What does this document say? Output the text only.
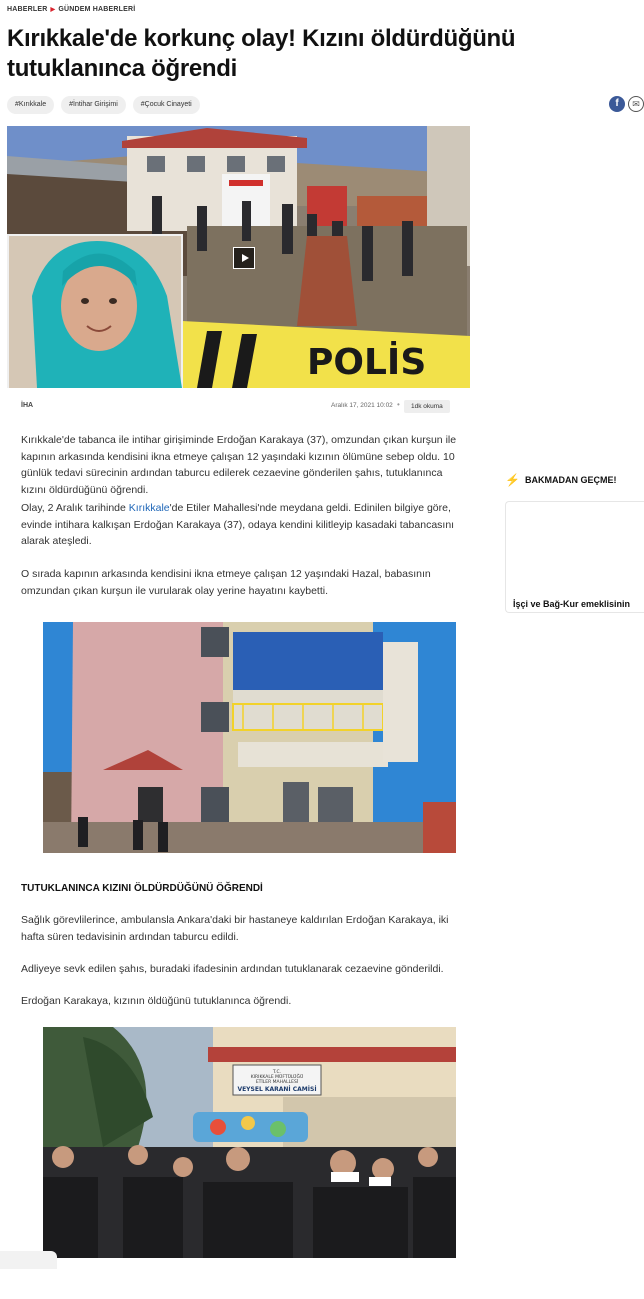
HABERLER ▶ GÜNDEM HABERLERİ
Kırıkkale'de korkunç olay! Kızını öldürdüğünü tutuklanınca öğrendi
#Kırıkkale	#İntihar Girişimi	#Çocuk Cinayeti	f	✉
POLİS
İHA	Aralık 17, 2021 10:02 •	1dk okuma

Kırıkkale'de tabanca ile intihar girişiminde Erdoğan Karakaya (37), omzundan çıkan kurşun ile kapının arkasında kendisini ikna etmeye çalışan 12 yaşındaki kızının ölümüne sebep oldu. 10 günlük tedavi sürecinin ardından taburcu edilerek cezaevine gönderilen şahıs, tutuklanınca kızını öldürdüğünü öğrendi.

Olay, 2 Aralık tarihinde Kırıkkale'de Etiler Mahallesi'nde meydana geldi. Edinilen bilgiye göre, evinde intihara kalkışan Erdoğan Karakaya (37), odaya kendini kilitleyip kasadaki tabancasını alarak ateşledi.

O sırada kapının arkasında kendisini ikna etmeye çalışan 12 yaşındaki Hazal, babasının omzundan çıkan kurşun ile vurularak olay yerine hayatını kaybetti.

TUTUKLANINCA KIZINI ÖLDÜRDÜĞÜNÜ ÖĞRENDİ

Sağlık görevlilerince, ambulansla Ankara'daki bir hastaneye kaldırılan Erdoğan Karakaya, iki hafta süren tedavisinin ardından taburcu edildi.

Adliyeye sevk edilen şahıs, buradaki ifadesinin ardından tutuklanarak cezaevine gönderildi.

Erdoğan Karakaya, kızının öldüğünü tutuklanınca öğrendi.

T.C.
KIRIKKALE MÜFTÜLÜĞÜ
ETİLER MAHALLESİ
VEYSEL KARANİ CAMİSİ
⚡ BAKMADAN GEÇME!
İşçi ve Bağ-Kur emeklisinin
